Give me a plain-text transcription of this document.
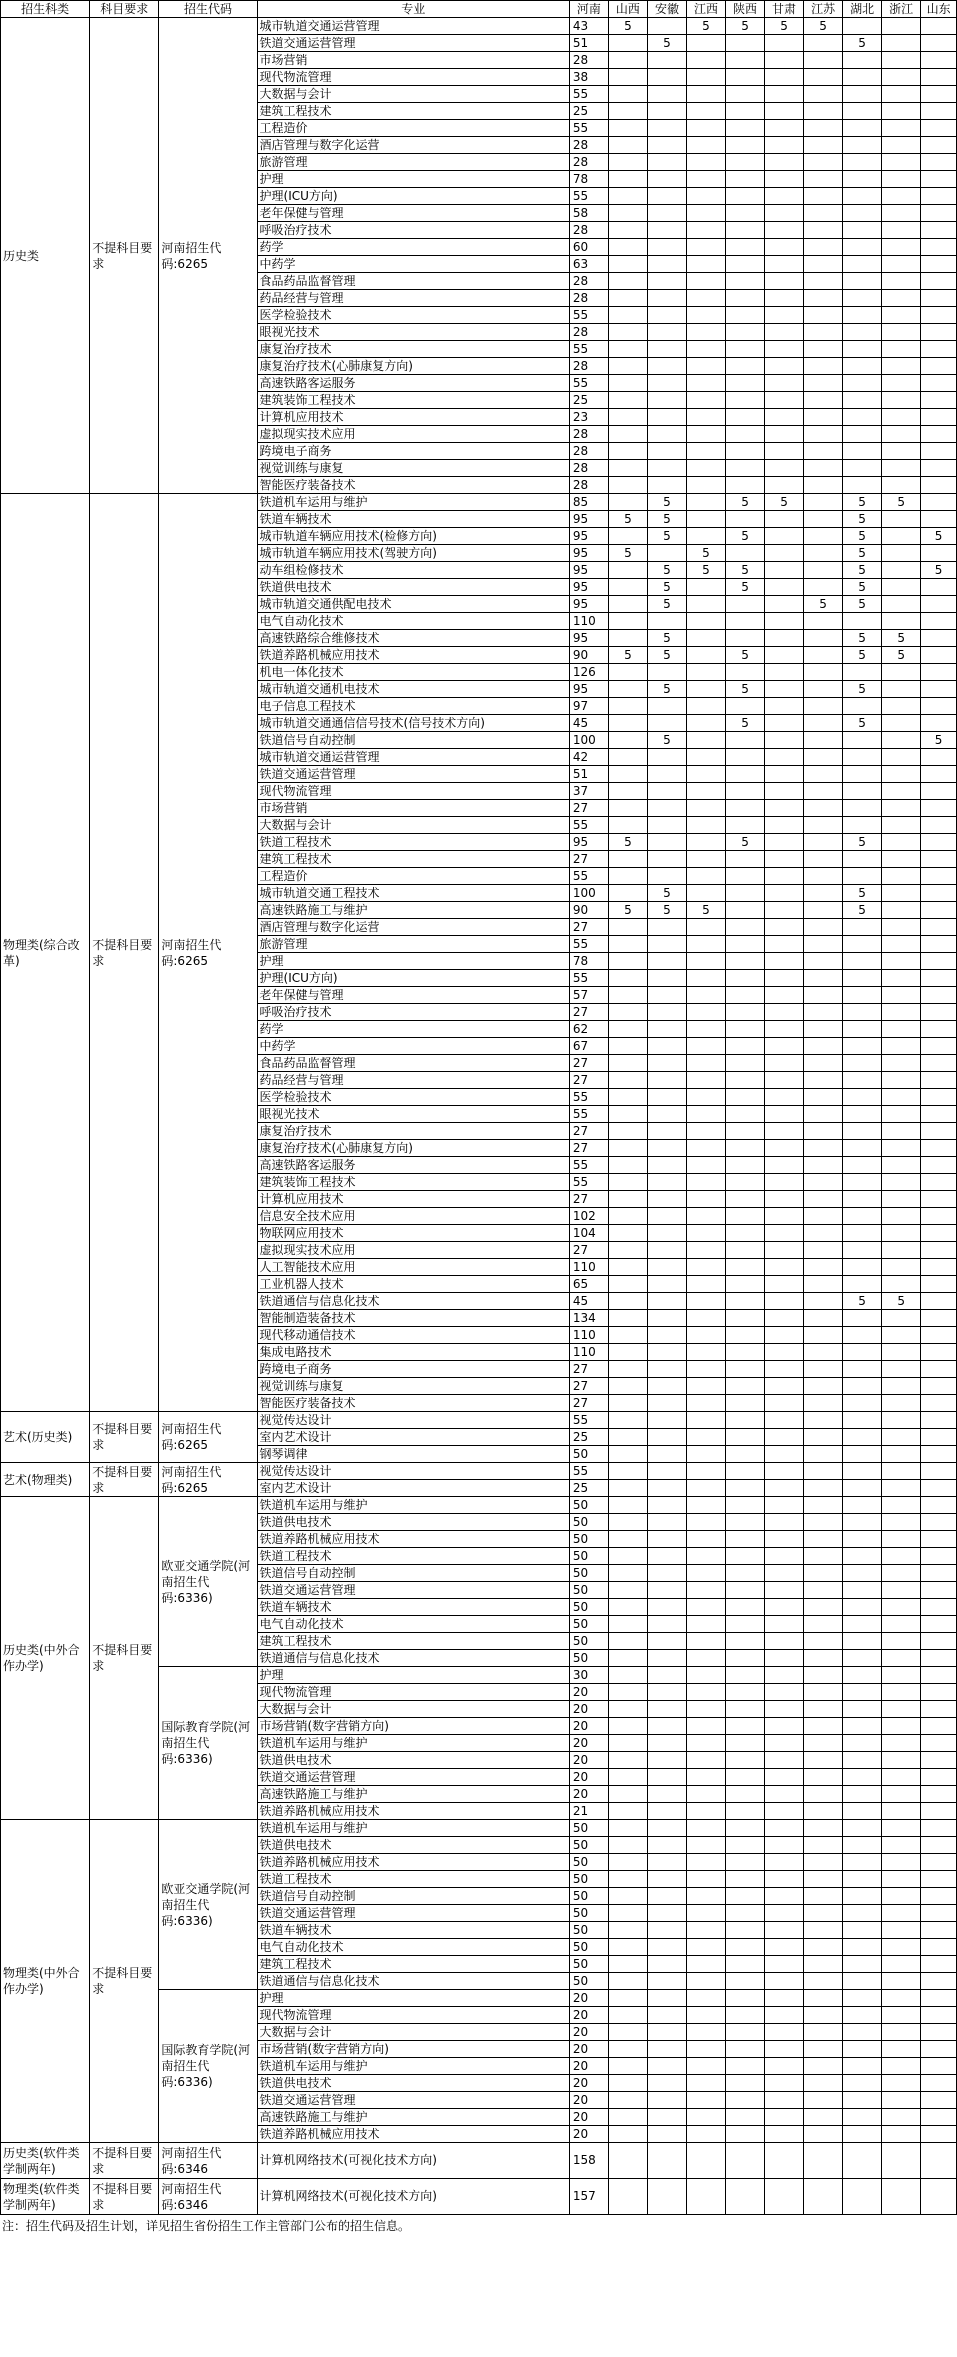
招生科类	科目要求	招生代码	专业	河南	山西	安徽	江西	陕西	甘肃	江苏	湖北	浙江	山东
历史类	不提科目要求	河南招生代码:6265	城市轨道交通运营管理	43	5		5	5	5	5			
			铁道交通运营管理	51		5					5		
			市场营销	28									
			现代物流管理	38									
			大数据与会计	55									
			建筑工程技术	25									
			工程造价	55									
			酒店管理与数字化运营	28									
			旅游管理	28									
			护理	78									
			护理(ICU方向)	55									
			老年保健与管理	58									
			呼吸治疗技术	28									
			药学	60									
			中药学	63									
			食品药品监督管理	28									
			药品经营与管理	28									
			医学检验技术	55									
			眼视光技术	28									
			康复治疗技术	55									
			康复治疗技术(心肺康复方向)	28									
			高速铁路客运服务	55									
			建筑装饰工程技术	25									
			计算机应用技术	23									
			虚拟现实技术应用	28									
			跨境电子商务	28									
			视觉训练与康复	28									
			智能医疗装备技术	28									
物理类(综合改革)	不提科目要求	河南招生代码:6265	铁道机车运用与维护	85		5		5	5		5	5	
			铁道车辆技术	95	5	5					5		
			城市轨道车辆应用技术(检修方向)	95		5		5			5		5
			城市轨道车辆应用技术(驾驶方向)	95	5		5				5		
			动车组检修技术	95		5	5	5			5		5
			铁道供电技术	95		5		5			5		
			城市轨道交通供配电技术	95		5				5	5		
			电气自动化技术	110									
			高速铁路综合维修技术	95		5					5	5	
			铁道养路机械应用技术	90	5	5		5			5	5	
			机电一体化技术	126									
			城市轨道交通机电技术	95		5		5			5		
			电子信息工程技术	97									
			城市轨道交通通信信号技术(信号技术方向)	45				5			5		
			铁道信号自动控制	100		5							5
			城市轨道交通运营管理	42									
			铁道交通运营管理	51									
			现代物流管理	37									
			市场营销	27									
			大数据与会计	55									
			铁道工程技术	95	5			5			5		
			建筑工程技术	27									
			工程造价	55									
			城市轨道交通工程技术	100		5					5		
			高速铁路施工与维护	90	5	5	5				5		
			酒店管理与数字化运营	27									
			旅游管理	55									
			护理	78									
			护理(ICU方向)	55									
			老年保健与管理	57									
			呼吸治疗技术	27									
			药学	62									
			中药学	67									
			食品药品监督管理	27									
			药品经营与管理	27									
			医学检验技术	55									
			眼视光技术	55									
			康复治疗技术	27									
			康复治疗技术(心肺康复方向)	27									
			高速铁路客运服务	55									
			建筑装饰工程技术	55									
			计算机应用技术	27									
			信息安全技术应用	102									
			物联网应用技术	104									
			虚拟现实技术应用	27									
			人工智能技术应用	110									
			工业机器人技术	65									
			铁道通信与信息化技术	45							5	5	
			智能制造装备技术	134									
			现代移动通信技术	110									
			集成电路技术	110									
			跨境电子商务	27									
			视觉训练与康复	27									
			智能医疗装备技术	27									
艺术(历史类)	不提科目要求	河南招生代码:6265	视觉传达设计	55									
			室内艺术设计	25									
			钢琴调律	50									
艺术(物理类)	不提科目要求	河南招生代码:6265	视觉传达设计	55									
			室内艺术设计	25									
历史类(中外合作办学)	不提科目要求	欧亚交通学院(河南招生代码:6336)	铁道机车运用与维护	50									
			铁道供电技术	50									
			铁道养路机械应用技术	50									
			铁道工程技术	50									
			铁道信号自动控制	50									
			铁道交通运营管理	50									
			铁道车辆技术	50									
			电气自动化技术	50									
			建筑工程技术	50									
			铁道通信与信息化技术	50									
		国际教育学院(河南招生代码:6336)	护理	30									
			现代物流管理	20									
			大数据与会计	20									
			市场营销(数字营销方向)	20									
			铁道机车运用与维护	20									
			铁道供电技术	20									
			铁道交通运营管理	20									
			高速铁路施工与维护	20									
			铁道养路机械应用技术	21									
物理类(中外合作办学)	不提科目要求	欧亚交通学院(河南招生代码:6336)	铁道机车运用与维护	50									
			铁道供电技术	50									
			铁道养路机械应用技术	50									
			铁道工程技术	50									
			铁道信号自动控制	50									
			铁道交通运营管理	50									
			铁道车辆技术	50									
			电气自动化技术	50									
			建筑工程技术	50									
			铁道通信与信息化技术	50									
		国际教育学院(河南招生代码:6336)	护理	20									
			现代物流管理	20									
			大数据与会计	20									
			市场营销(数字营销方向)	20									
			铁道机车运用与维护	20									
			铁道供电技术	20									
			铁道交通运营管理	20									
			高速铁路施工与维护	20									
			铁道养路机械应用技术	20									
历史类(软件类学制两年)	不提科目要求	河南招生代码:6346	计算机网络技术(可视化技术方向)	158									
物理类(软件类学制两年)	不提科目要求	河南招生代码:6346	计算机网络技术(可视化技术方向)	157									
注：招生代码及招生计划，详见招生省份招生工作主管部门公布的招生信息。
